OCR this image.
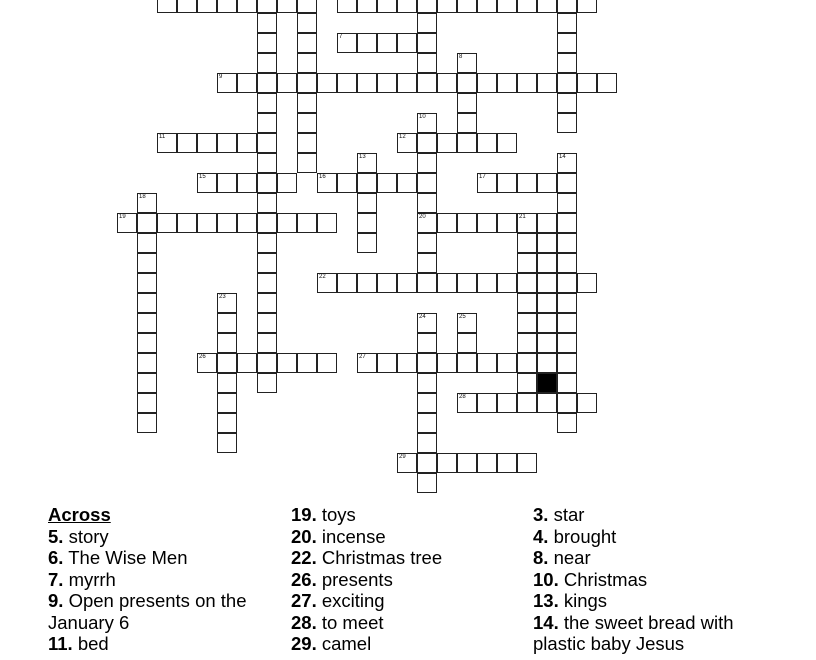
7
8
9
10
11	12
13	14
15	16	17
18
19	20	21
22
23
24	25
26	27
28
29
Across
5. story
6. The Wise Men
7. myrrh
9. Open presents on the January 6
11. bed
19. toys
20. incense
22. Christmas tree
26. presents
27. exciting
28. to meet
29. camel
3. star
4. brought
8. near
10. Christmas
13. kings
14. the sweet bread with plastic baby Jesus
